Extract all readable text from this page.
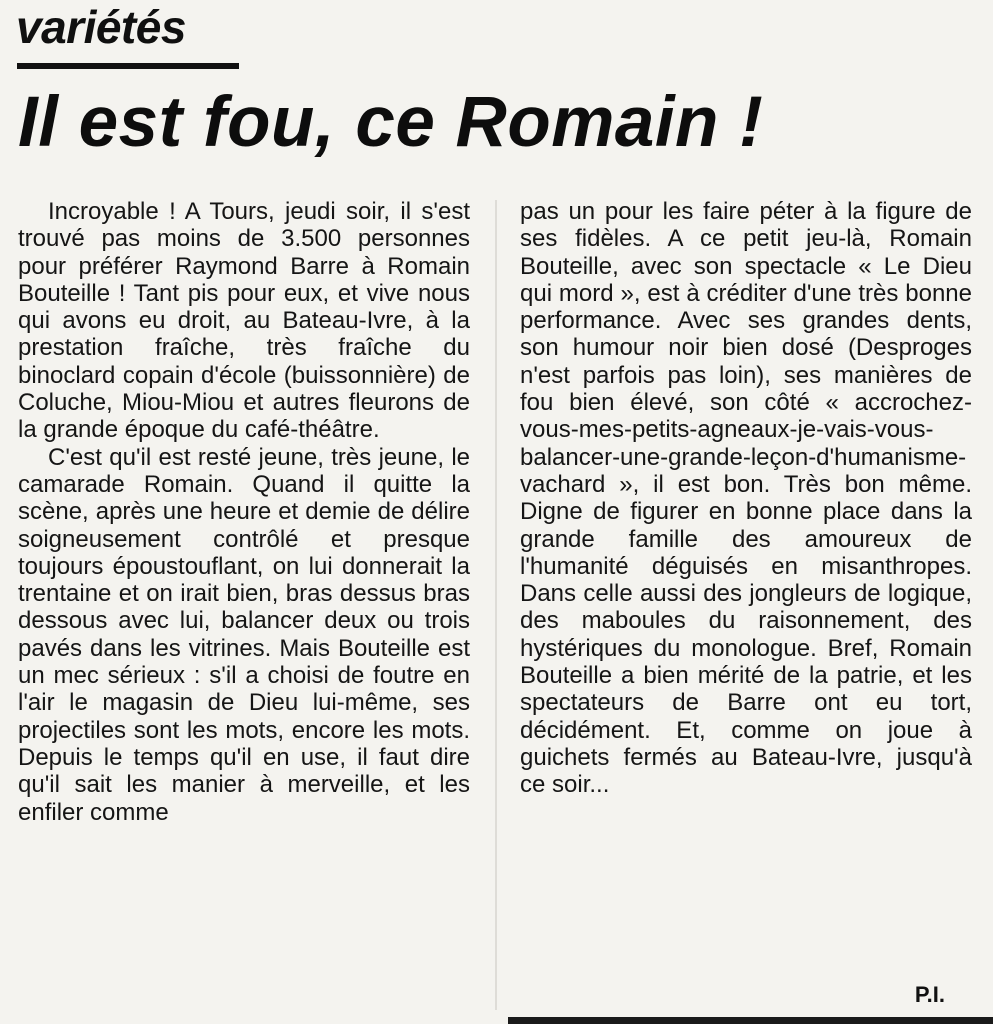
variétés
Il est fou, ce Romain !

Incroyable ! A Tours, jeudi soir, il s'est trouvé pas moins de 3.500 personnes pour préférer Raymond Barre à Romain Bouteille ! Tant pis pour eux, et vive nous qui avons eu droit, au Bateau-Ivre, à la prestation fraîche, très fraîche du binoclard copain d'école (buissonnière) de Coluche, Miou-Miou et autres fleurons de la grande époque du café-théâtre.

C'est qu'il est resté jeune, très jeune, le camarade Romain. Quand il quitte la scène, après une heure et demie de délire soigneusement contrôlé et presque toujours époustouflant, on lui donnerait la trentaine et on irait bien, bras dessus bras dessous avec lui, balancer deux ou trois pavés dans les vitrines. Mais Bouteille est un mec sérieux : s'il a choisi de foutre en l'air le magasin de Dieu lui-même, ses projectiles sont les mots, encore les mots. Depuis le temps qu'il en use, il faut dire qu'il sait les manier à merveille, et les enfiler comme

pas un pour les faire péter à la figure de ses fidèles. A ce petit jeu-là, Romain Bouteille, avec son spectacle « Le Dieu qui mord », est à créditer d'une très bonne performance. Avec ses grandes dents, son humour noir bien dosé (Desproges n'est parfois pas loin), ses manières de fou bien élevé, son côté « accrochez-vous-mes-petits-agneaux-je-vais-vous-balancer-une-grande-leçon-d'humanisme-vachard », il est bon. Très bon même. Digne de figurer en bonne place dans la grande famille des amoureux de l'humanité déguisés en misanthropes. Dans celle aussi des jongleurs de logique, des maboules du raisonnement, des hystériques du monologue. Bref, Romain Bouteille a bien mérité de la patrie, et les spectateurs de Barre ont eu tort, décidément. Et, comme on joue à guichets fermés au Bateau-Ivre, jusqu'à ce soir...

P.I.
